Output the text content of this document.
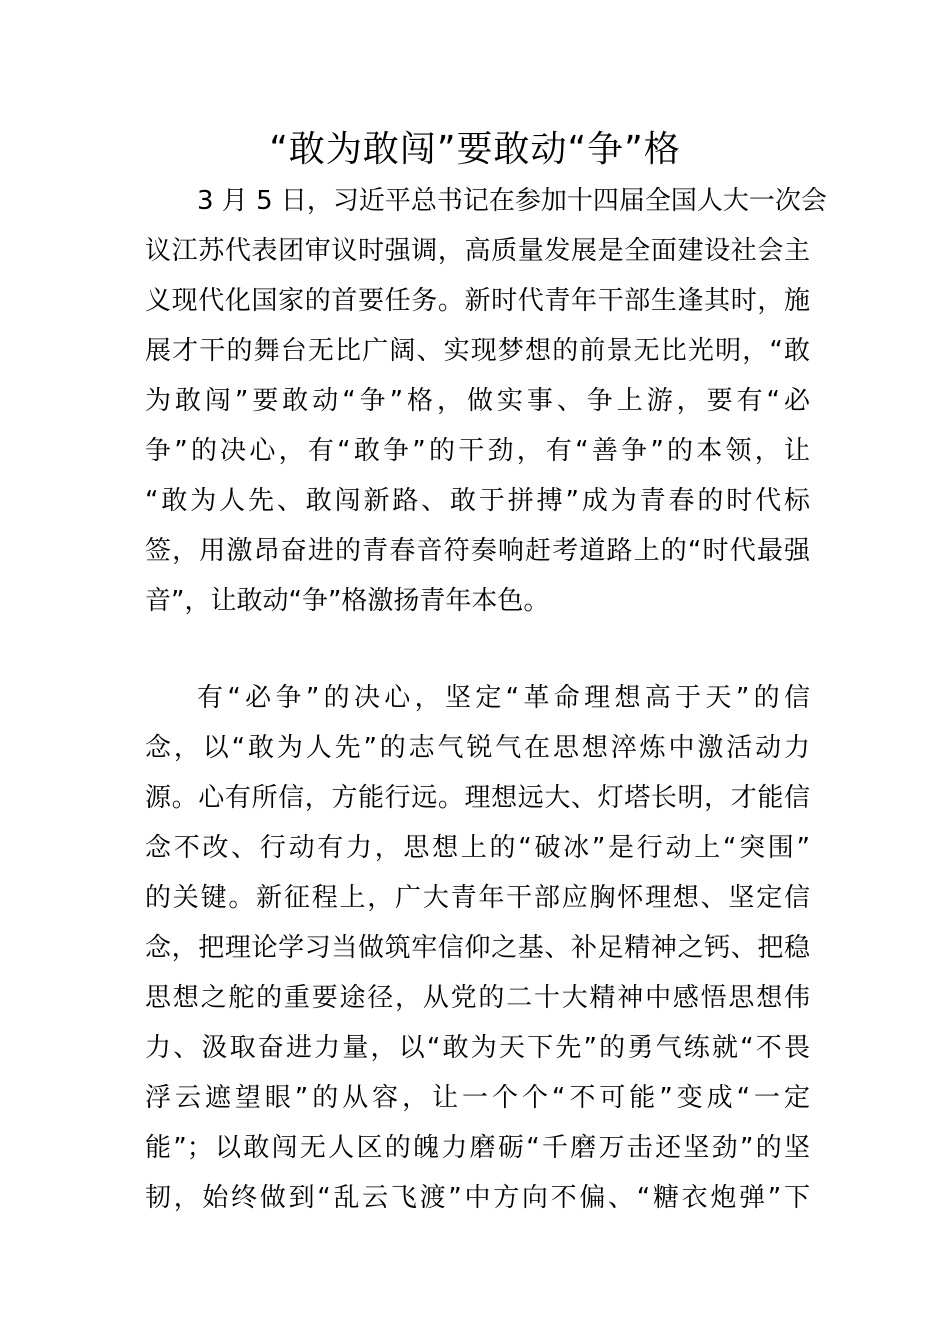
“敢为敢闯”要敢动“争”格
3 月 5 日，习近平总书记在参加十四届全国人大一次会
议江苏代表团审议时强调，高质量发展是全面建设社会主
义现代化国家的首要任务。新时代青年干部生逢其时，施
展才干的舞台无比广阔、实现梦想的前景无比光明，“敢
为敢闯”要敢动“争”格，做实事、争上游，要有“必
争”的决心，有“敢争”的干劲，有“善争”的本领，让
“敢为人先、敢闯新路、敢于拼搏”成为青春的时代标
签，用激昂奋进的青春音符奏响赶考道路上的“时代最强
音”，让敢动“争”格激扬青年本色。
有“必争”的决心，坚定“革命理想高于天”的信
念，以“敢为人先”的志气锐气在思想淬炼中激活动力
源。心有所信，方能行远。理想远大、灯塔长明，才能信
念不改、行动有力，思想上的“破冰”是行动上“突围”
的关键。新征程上，广大青年干部应胸怀理想、坚定信
念，把理论学习当做筑牢信仰之基、补足精神之钙、把稳
思想之舵的重要途径，从党的二十大精神中感悟思想伟
力、汲取奋进力量，以“敢为天下先”的勇气练就“不畏
浮云遮望眼”的从容，让一个个“不可能”变成“一定
能”；以敢闯无人区的魄力磨砺“千磨万击还坚劲”的坚
韧，始终做到“乱云飞渡”中方向不偏、“糖衣炮弹”下
